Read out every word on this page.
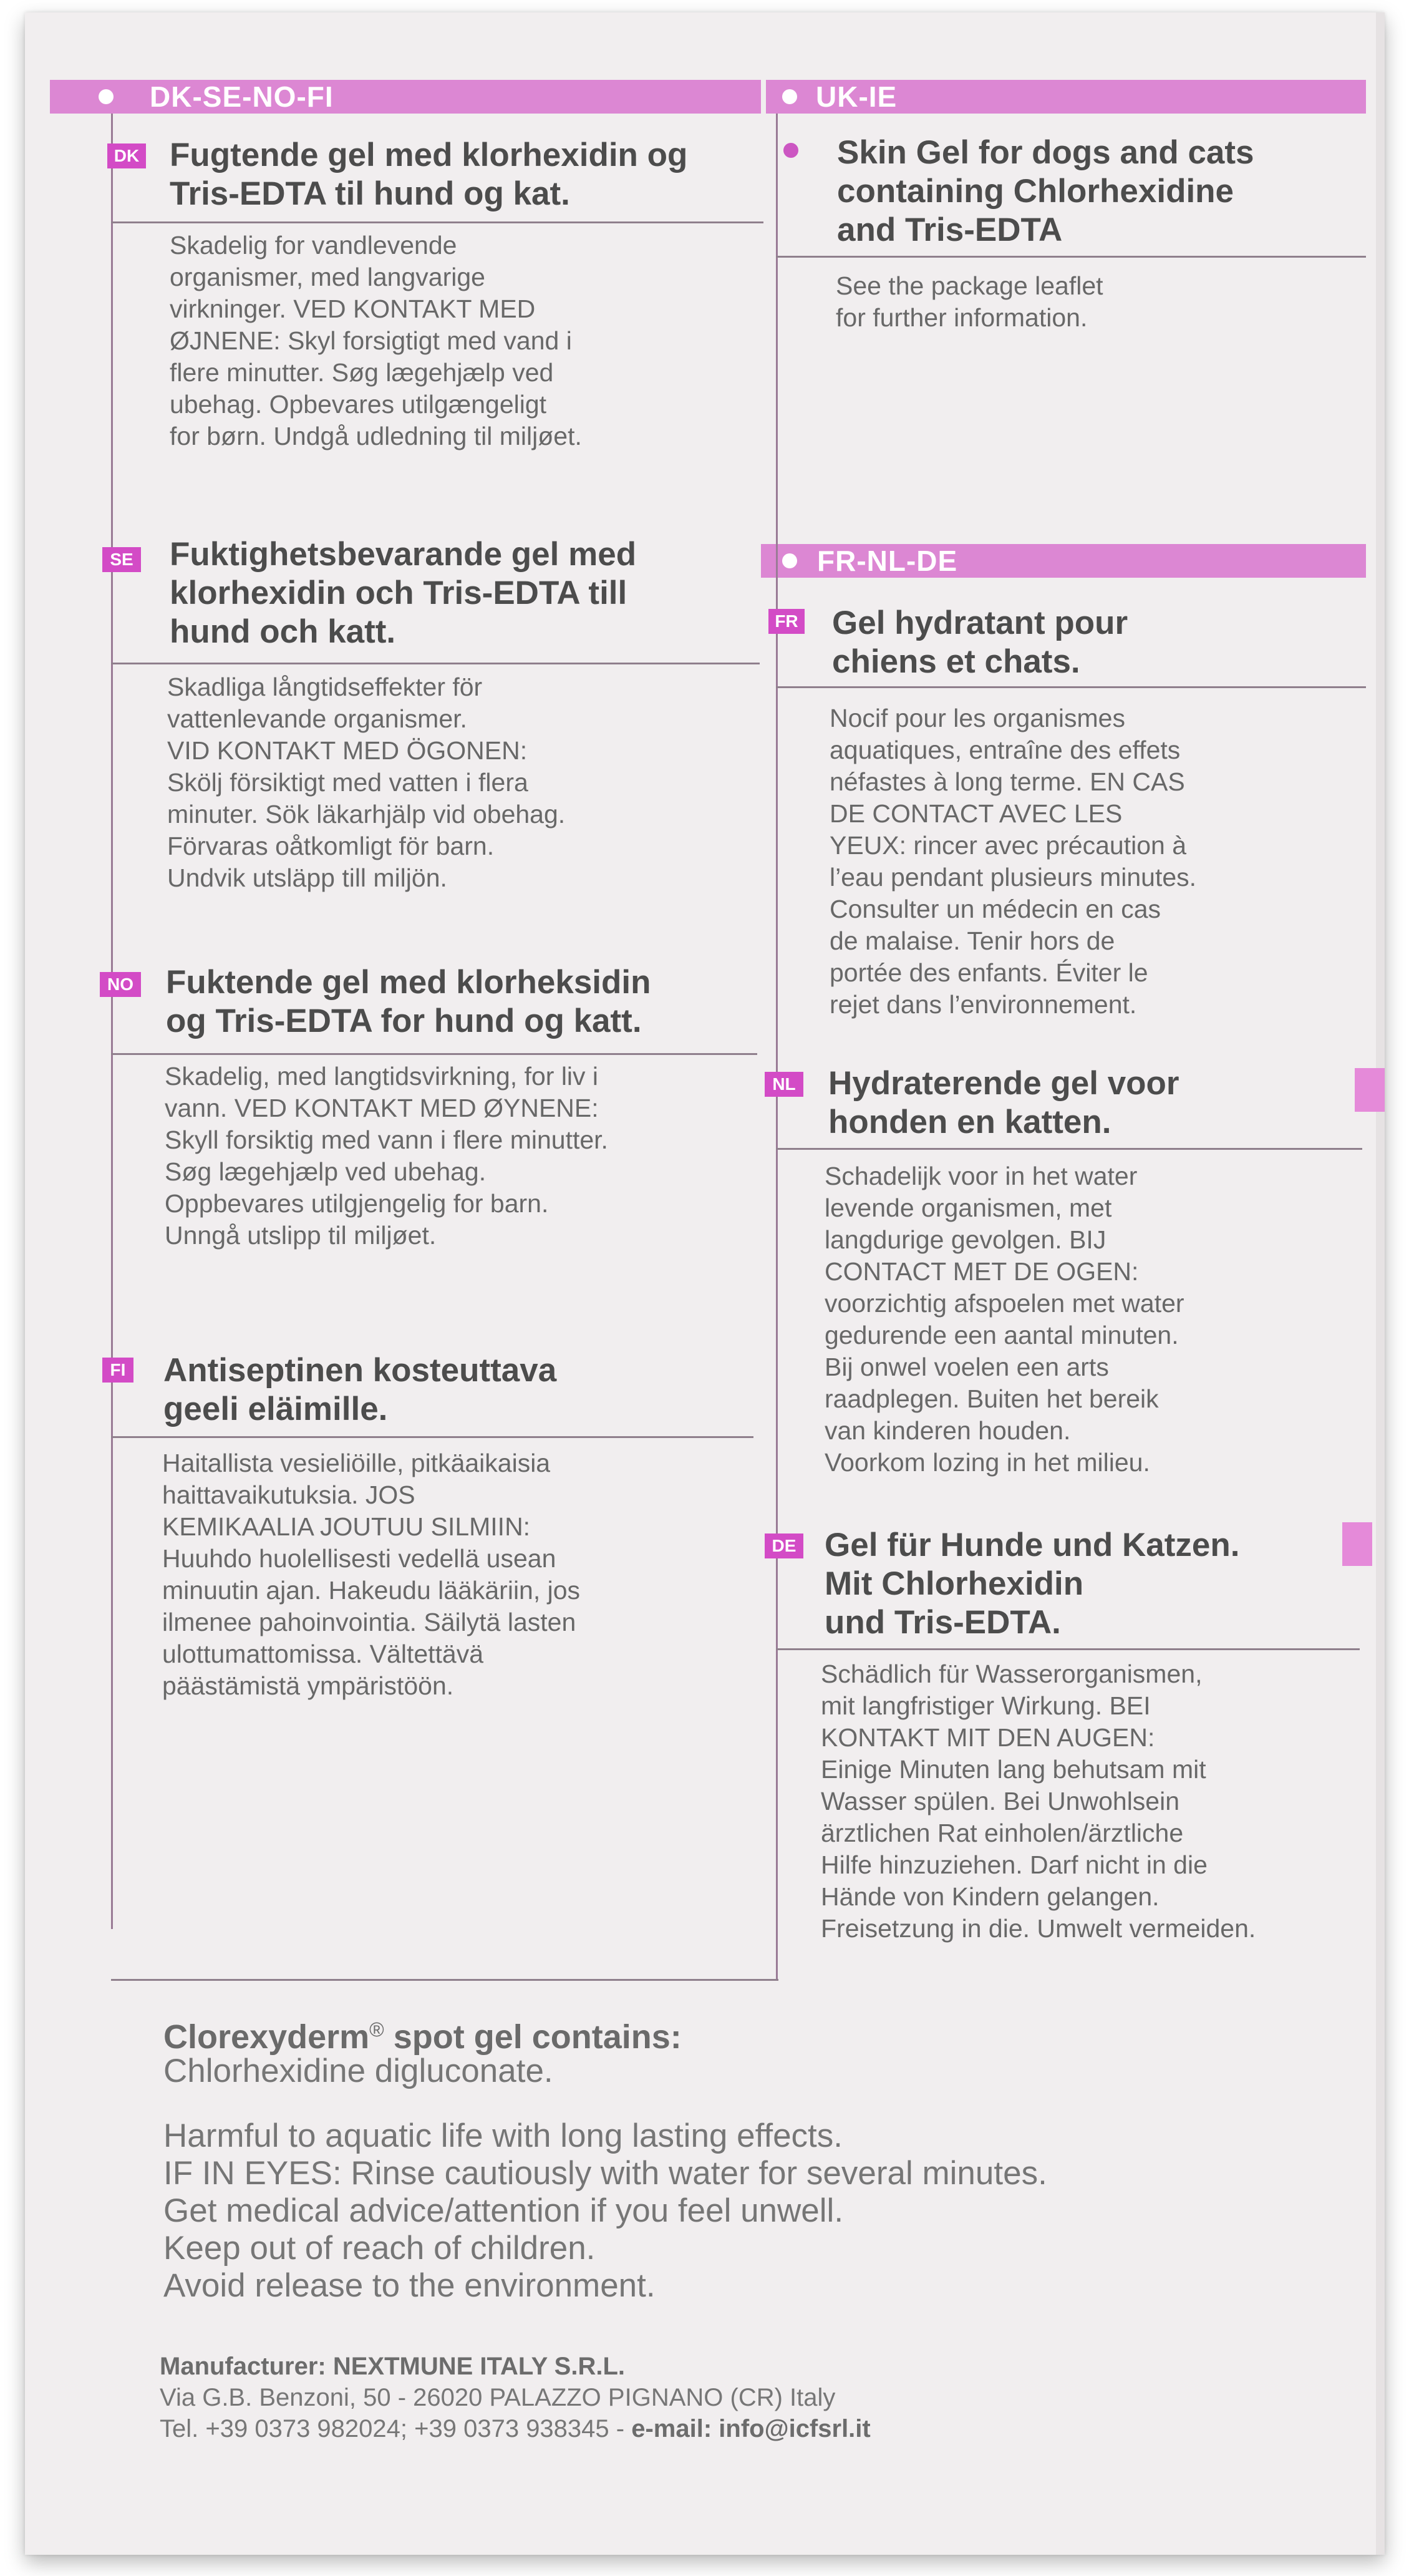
DK-SE-NO-FI	UK-IE
FR-NL-DE
DK Fugtende gel med klorhexidin og
Tris-EDTA til hund og kat.
Skadelig for vandlevende
organismer, med langvarige
virkninger. VED KONTAKT MED
ØJNENE: Skyl forsigtigt med vand i
flere minutter. Søg lægehjælp ved
ubehag. Opbevares utilgængeligt
for børn. Undgå udledning til miljøet.
SE Fuktighetsbevarande gel med
klorhexidin och Tris-EDTA till
hund och katt.
Skadliga långtidseffekter för
vattenlevande organismer.
VID KONTAKT MED ÖGONEN:
Skölj försiktigt med vatten i flera
minuter. Sök läkarhjälp vid obehag.
Förvaras oåtkomligt för barn.
Undvik utsläpp till miljön.
NO Fuktende gel med klorheksidin
og Tris-EDTA for hund og katt.
Skadelig, med langtidsvirkning, for liv i
vann. VED KONTAKT MED ØYNENE:
Skyll forsiktig med vann i flere minutter.
Søg lægehjælp ved ubehag.
Oppbevares utilgjengelig for barn.
Unngå utslipp til miljøet.
FI Antiseptinen kosteuttava
geeli eläimille.
Haitallista vesieliöille, pitkäaikaisia
haittavaikutuksia. JOS
KEMIKAALIA JOUTUU SILMIIN:
Huuhdo huolellisesti vedellä usean
minuutin ajan. Hakeudu lääkäriin, jos
ilmenee pahoinvointia. Säilytä lasten
ulottumattomissa. Vältettävä
päästämistä ympäristöön.
Skin Gel for dogs and cats
containing Chlorhexidine
and Tris-EDTA
See the package leaflet
for further information.
FR Gel hydratant pour
chiens et chats.
Nocif pour les organismes
aquatiques, entraîne des effets
néfastes à long terme. EN CAS
DE CONTACT AVEC LES
YEUX: rincer avec précaution à
l’eau pendant plusieurs minutes.
Consulter un médecin en cas
de malaise. Tenir hors de
portée des enfants. Éviter le
rejet dans l’environnement.
NL Hydraterende gel voor
honden en katten.
Schadelijk voor in het water
levende organismen, met
langdurige gevolgen. BIJ
CONTACT MET DE OGEN:
voorzichtig afspoelen met water
gedurende een aantal minuten.
Bij onwel voelen een arts
raadplegen. Buiten het bereik
van kinderen houden.
Voorkom lozing in het milieu.
DE Gel für Hunde und Katzen.
Mit Chlorhexidin
und Tris-EDTA.
Schädlich für Wasserorganismen,
mit langfristiger Wirkung. BEI
KONTAKT MIT DEN AUGEN:
Einige Minuten lang behutsam mit
Wasser spülen. Bei Unwohlsein
ärztlichen Rat einholen/ärztliche
Hilfe hinzuziehen. Darf nicht in die
Hände von Kindern gelangen.
Freisetzung in die. Umwelt vermeiden.
Clorexyderm® spot gel contains:
Chlorhexidine digluconate.
Harmful to aquatic life with long lasting effects.
IF IN EYES: Rinse cautiously with water for several minutes.
Get medical advice/attention if you feel unwell.
Keep out of reach of children.
Avoid release to the environment.
Manufacturer: NEXTMUNE ITALY S.R.L.
Via G.B. Benzoni, 50 - 26020 PALAZZO PIGNANO (CR) Italy
Tel. +39 0373 982024; +39 0373 938345 - e-mail: info@icfsrl.it
